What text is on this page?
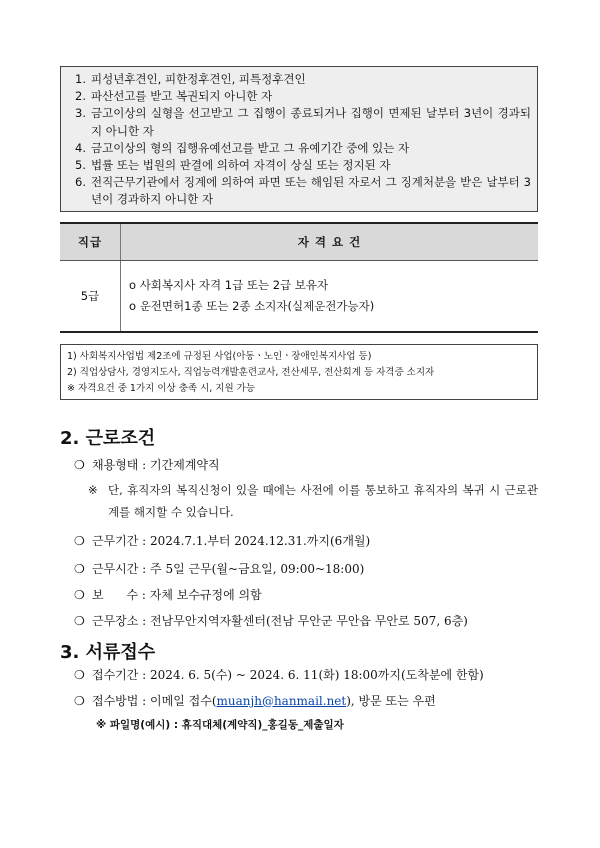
1. 피성년후견인, 피한정후견인, 피특정후견인
2. 파산선고를 받고 복권되지 아니한 자
3. 금고이상의 실형을 선고받고 그 집행이 종료되거나 집행이 면제된 날부터 3년이 경과되지 아니한 자
4. 금고이상의 형의 집행유예선고를 받고 그 유예기간 중에 있는 자
5. 법률 또는 법원의 판결에 의하여 자격이 상실 또는 정지된 자
6. 전직근무기관에서 징계에 의하여 파면 또는 해임된 자로서 그 징계처분을 받은 날부터 3년이 경과하지 아니한 자
직급	자 격 요 건
5급	o 사회복지사 자격 1급 또는 2급 보유자
o 운전면허1종 또는 2종 소지자(실제운전가능자)
1) 사회복지사업법 제2조에 규정된 사업(아동ㆍ노인ㆍ장애인복지사업 등)
2) 직업상담사, 경영지도사, 직업능력개발훈련교사, 전산세무, 전산회계 등 자격증 소지자
※ 자격요건 중 1가지 이상 충족 시, 지원 가능
2. 근로조건
❍ 채용형태 : 기간제계약직
※ 단, 휴직자의 복직신청이 있을 때에는 사전에 이를 통보하고 휴직자의 복귀 시 근로관계를 해지할 수 있습니다.
❍ 근무기간 : 2024.7.1.부터 2024.12.31.까지(6개월)
❍ 근무시간 : 주 5일 근무(월~금요일, 09:00~18:00)
❍ 보      수 : 자체 보수규정에 의함
❍ 근무장소 : 전남무안지역자활센터(전남 무안군 무안읍 무안로 507, 6층)
3. 서류접수
❍ 접수기간 : 2024. 6. 5(수) ~ 2024. 6. 11(화) 18:00까지(도착분에 한함)
❍ 접수방법 : 이메일 접수( muanjh@hanmail.net ), 방문 또는 우편
※ 파일명(예시) : 휴직대체(계약직)_홍길동_제출일자
